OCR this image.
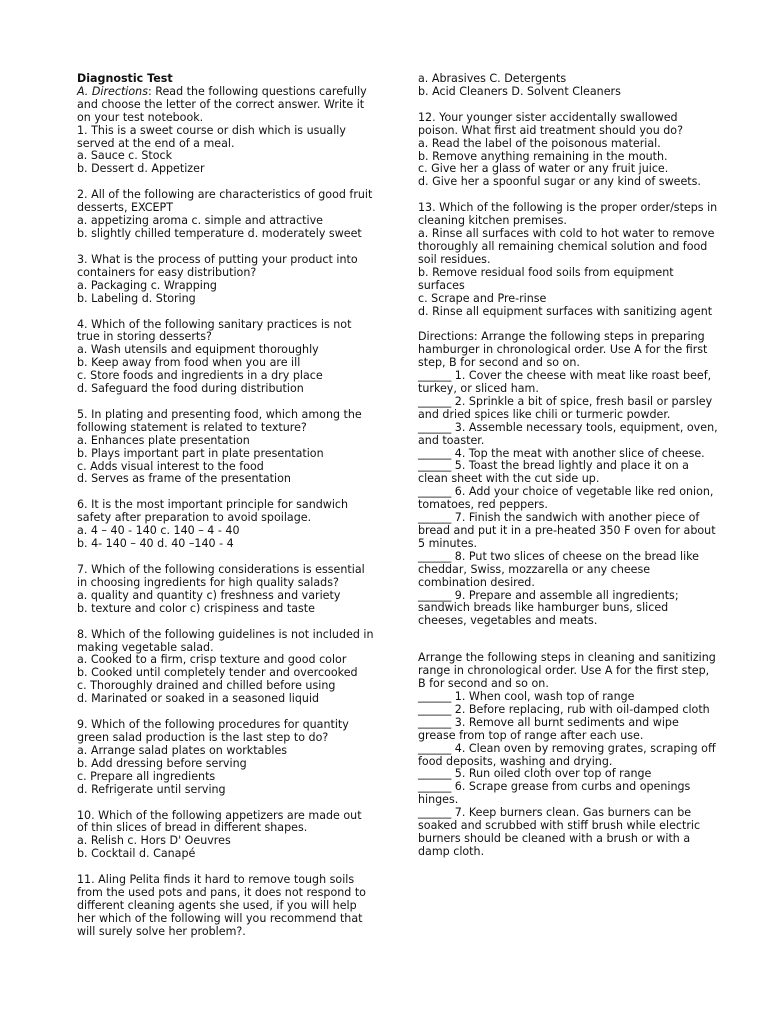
Diagnostic Test
A. Directions: Read the following questions carefully and choose the letter of the correct answer. Write it on your test notebook.
1. This is a sweet course or dish which is usually served at the end of a meal.
a. Sauce c. Stock
b. Dessert d. Appetizer
2. All of the following are characteristics of good fruit desserts, EXCEPT
a. appetizing aroma c. simple and attractive
b. slightly chilled temperature d. moderately sweet
3. What is the process of putting your product into containers for easy distribution?
a. Packaging c. Wrapping
b. Labeling d. Storing
4. Which of the following sanitary practices is not true in storing desserts?
a. Wash utensils and equipment thoroughly
b. Keep away from food when you are ill
c. Store foods and ingredients in a dry place
d. Safeguard the food during distribution
5. In plating and presenting food, which among the following statement is related to texture?
a. Enhances plate presentation
b. Plays important part in plate presentation
c. Adds visual interest to the food
d. Serves as frame of the presentation
6. It is the most important principle for sandwich safety after preparation to avoid spoilage.
a. 4 – 40 - 140 c. 140 – 4 - 40
b. 4- 140 – 40 d. 40 –140 - 4
7. Which of the following considerations is essential in choosing ingredients for high quality salads?
a. quality and quantity c) freshness and variety
b. texture and color c) crispiness and taste
8. Which of the following guidelines is not included in making vegetable salad.
a. Cooked to a firm, crisp texture and good color
b. Cooked until completely tender and overcooked
c. Thoroughly drained and chilled before using
d. Marinated or soaked in a seasoned liquid
9. Which of the following procedures for quantity green salad production is the last step to do?
a. Arrange salad plates on worktables
b. Add dressing before serving
c. Prepare all ingredients
d. Refrigerate until serving
10. Which of the following appetizers are made out of thin slices of bread in different shapes.
a. Relish c. Hors D' Oeuvres
b. Cocktail d. Canapé
11. Aling Pelita finds it hard to remove tough soils from the used pots and pans, it does not respond to different cleaning agents she used, if you will help her which of the following will you recommend that will surely solve her problem?.
a. Abrasives C. Detergents
b. Acid Cleaners D. Solvent Cleaners
12. Your younger sister accidentally swallowed poison. What first aid treatment should you do?
a. Read the label of the poisonous material.
b. Remove anything remaining in the mouth.
c. Give her a glass of water or any fruit juice.
d. Give her a spoonful sugar or any kind of sweets.
13. Which of the following is the proper order/steps in cleaning kitchen premises.
a. Rinse all surfaces with cold to hot water to remove thoroughly all remaining chemical solution and food soil residues.
b. Remove residual food soils from equipment surfaces
c. Scrape and Pre-rinse
d. Rinse all equipment surfaces with sanitizing agent
Directions: Arrange the following steps in preparing hamburger in chronological order. Use A for the first step, B for second and so on.
______ 1. Cover the cheese with meat like roast beef, turkey, or sliced ham.
______ 2. Sprinkle a bit of spice, fresh basil or parsley and dried spices like chili or turmeric powder.
______ 3. Assemble necessary tools, equipment, oven, and toaster.
______ 4. Top the meat with another slice of cheese.
______ 5. Toast the bread lightly and place it on a clean sheet with the cut side up.
______ 6. Add your choice of vegetable like red onion, tomatoes, red peppers.
______ 7. Finish the sandwich with another piece of bread and put it in a pre-heated 350 F oven for about 5 minutes.
______ 8. Put two slices of cheese on the bread like cheddar, Swiss, mozzarella or any cheese combination desired.
______ 9. Prepare and assemble all ingredients; sandwich breads like hamburger buns, sliced cheeses, vegetables and meats.
Arrange the following steps in cleaning and sanitizing range in chronological order. Use A for the first step, B for second and so on.
______ 1. When cool, wash top of range
______ 2. Before replacing, rub with oil-damped cloth
______ 3. Remove all burnt sediments and wipe grease from top of range after each use.
______ 4. Clean oven by removing grates, scraping off food deposits, washing and drying.
______ 5. Run oiled cloth over top of range
______ 6. Scrape grease from curbs and openings hinges.
______ 7. Keep burners clean. Gas burners can be soaked and scrubbed with stiff brush while electric burners should be cleaned with a brush or with a damp cloth.
